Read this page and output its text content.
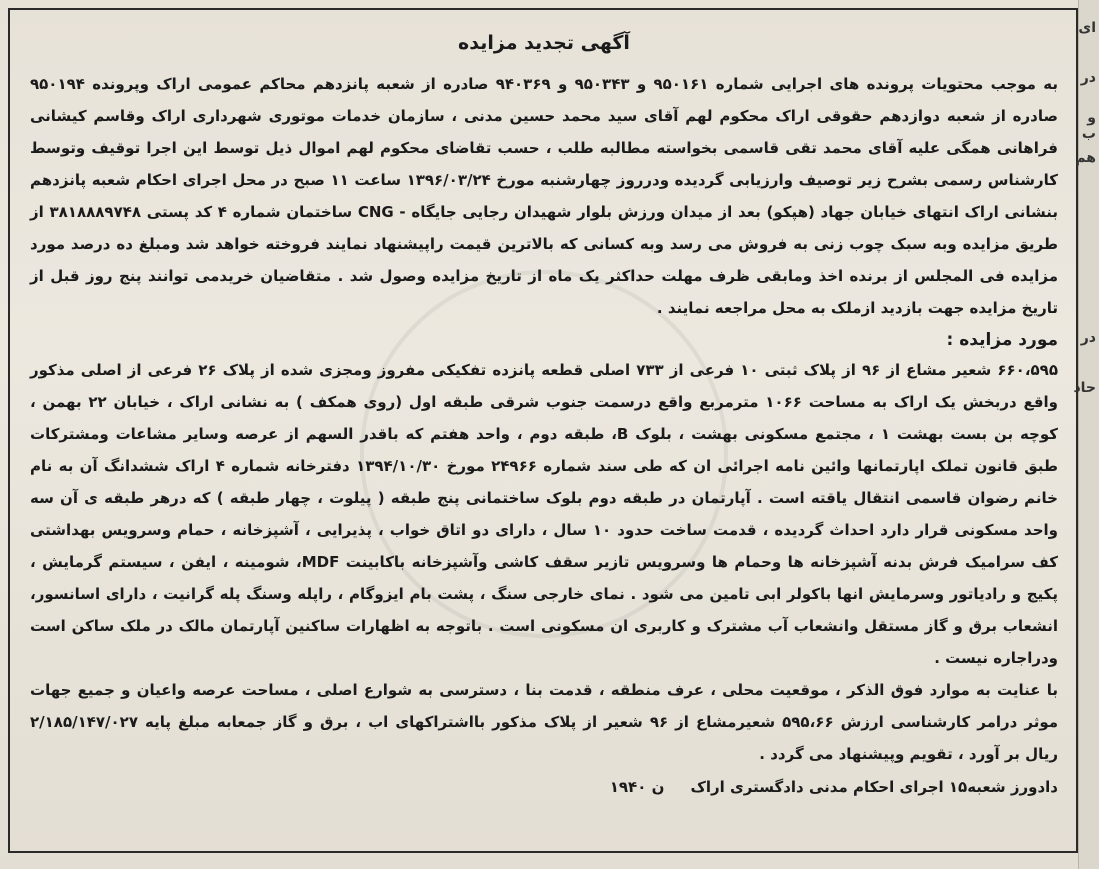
آگهی تجدید مزایده

به موجب محتویات پرونده های اجرایی شماره ۹۵۰۱۶۱ و ۹۵۰۳۴۳ و ۹۴۰۳۶۹ صادره از شعبه پانزدهم محاکم عمومی اراک وپرونده ۹۵۰۱۹۴ صادره از شعبه دوازدهم حقوقی اراک محکوم لهم آقای سید محمد حسین مدنی ، سازمان خدمات موتوری شهرداری اراک وقاسم کیشانی فراهانی همگی علیه آقای محمد تقی قاسمی بخواسته مطالبه طلب ، حسب تقاضای محکوم لهم اموال ذیل توسط این اجرا توقیف وتوسط کارشناس رسمی بشرح زیر توصیف وارزیابی گردیده ودرروز چهارشنبه مورخ ۱۳۹۶/۰۳/۲۴ ساعت ۱۱ صبح در محل اجرای احکام شعبه پانزدهم بنشانی اراک انتهای خیابان جهاد (هپکو) بعد از میدان ورزش بلوار شهیدان رجایی جایگاه - CNG ساختمان شماره ۴ کد پستی ۳۸۱۸۸۸۹۷۴۸ از طریق مزایده وبه سبک چوب زنی به فروش می رسد وبه کسانی که بالاترین قیمت راپیشنهاد نمایند فروخته خواهد شد ومبلغ ده درصد مورد مزایده فی المجلس از برنده اخذ ومابقی ظرف مهلت حداکثر یک ماه از تاریخ مزایده وصول شد . متقاضیان خریدمی توانند پنج روز قبل از تاریخ مزایده جهت بازدید ازملک به محل مراجعه نمایند .

مورد مزایده :

۶۶۰،۵۹۵ شعیر مشاع از ۹۶ از پلاک ثبتی ۱۰ فرعی از ۷۳۳ اصلی قطعه پانزده تفکیکی مفروز ومجزی شده از پلاک ۲۶ فرعی از اصلی مذکور واقع دربخش یک اراک به مساحت ۱۰۶۶ مترمربع واقع درسمت جنوب شرقی طبقه اول (روی همکف ) به نشانی اراک ، خیابان ۲۲ بهمن ، کوچه بن بست بهشت ۱ ، مجتمع مسکونی بهشت ، بلوک B، طبقه دوم ، واحد هفتم که باقدر السهم از عرصه وسایر مشاعات ومشترکات طبق قانون تملک اپارتمانها وائین نامه اجرائی ان که طی سند شماره ۲۴۹۶۶ مورخ ۱۳۹۴/۱۰/۳۰ دفترخانه شماره ۴ اراک ششدانگ آن به نام خانم رضوان قاسمی انتقال یاقته است . آپارتمان در طبقه دوم بلوک ساختمانی پنج طبقه ( پیلوت ، چهار طبقه ) که درهر طبقه ی آن سه واحد مسکونی قرار دارد احداث گردیده ، قدمت ساخت حدود ۱۰ سال ، دارای دو اتاق خواب ، پذیرایی ، آشپزخانه ، حمام وسرویس بهداشتی کف سرامیک فرش بدنه آشپزخانه ها وحمام ها وسرویس تازیر سقف کاشی وآشپزخانه باکابینت MDF، شومینه ، ایفن ، سیستم گرمایش ، پکیج و رادیاتور وسرمایش انها باکولر ابی تامین می شود . نمای خارجی سنگ ، پشت بام ایزوگام ، راپله وسنگ پله گرانیت ، دارای اسانسور، انشعاب برق و گاز مستقل وانشعاب آب مشترک و کاربری ان مسکونی است . باتوجه به اظهارات ساکنین آپارتمان مالک در ملک ساکن است ودراجاره نیست .

با عنایت به موارد فوق الذکر ، موقعیت محلی ، عرف منطقه ، قدمت بنا ، دسترسی به شوارع اصلی ، مساحت عرصه واعیان و جمیع جهات موثر درامر کارشناسی ارزش ۵۹۵،۶۶ شعیرمشاع از ۹۶ شعیر از پلاک مذکور بااشتراکهای اب ، برق و گاز جمعابه مبلغ پایه ۲/۱۸۵/۱۴۷/۰۲۷ ریال بر آورد ، تقویم وپیشنهاد می گردد .

دادورز شعبه۱۵ اجرای احکام مدنی دادگستری اراک     ن ۱۹۴۰
ای
در
و ب
هم
در
حاد
